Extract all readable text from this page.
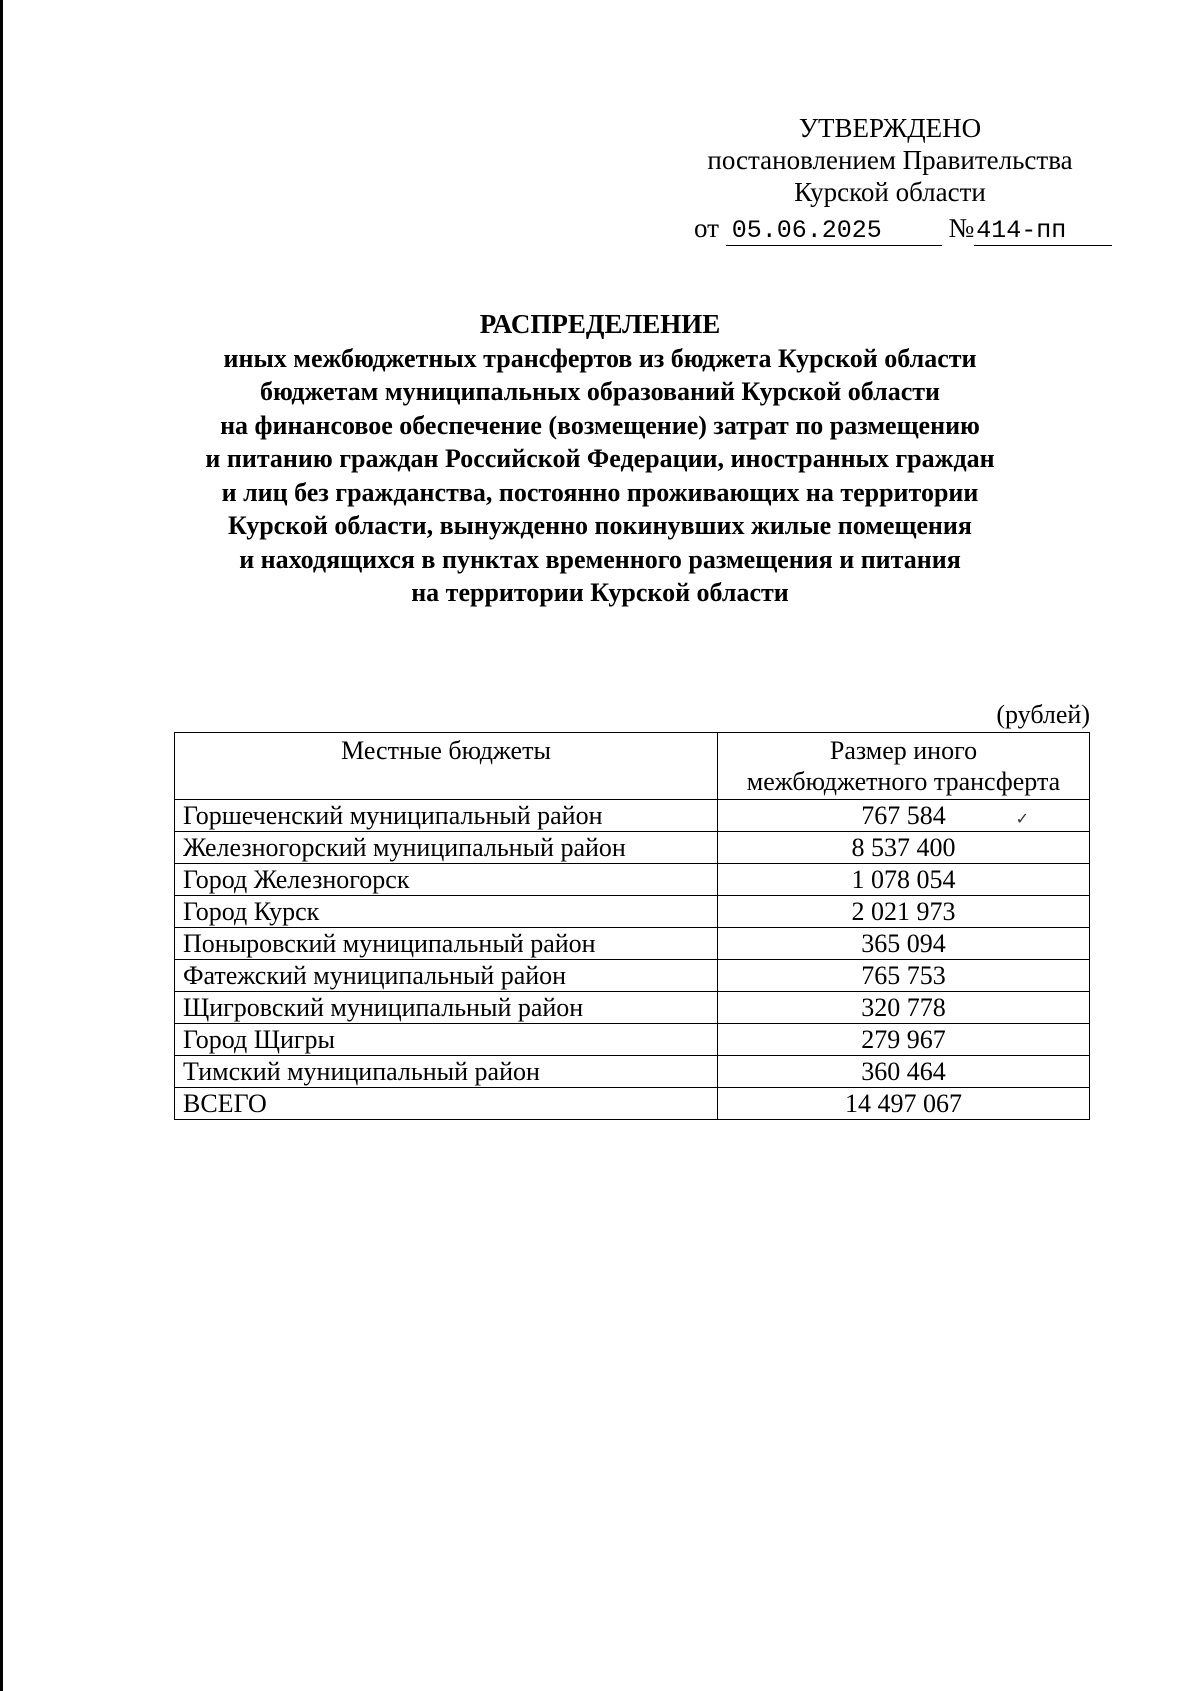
УТВЕРЖДЕНО
постановлением Правительства
Курской области
от 05.06.2025 №414-пп
РАСПРЕДЕЛЕНИЕ
иных межбюджетных трансфертов из бюджета Курской области
бюджетам муниципальных образований Курской области
на финансовое обеспечение (возмещение) затрат по размещению
и питанию граждан Российской Федерации, иностранных граждан
и лиц без гражданства, постоянно проживающих на территории
Курской области, вынужденно покинувших жилые помещения
и находящихся в пунктах временного размещения и питания
на территории Курской области
(рублей)
Местные бюджеты	Размер иного
межбюджетного трансферта
Горшеченский муниципальный район	767 584 ✓

Железногорский муниципальный район	8 537 400
Город Железногорск	1 078 054
Город Курск	2 021 973
Поныровский муниципальный район	365 094
Фатежский муниципальный район	765 753
Щигровский муниципальный район	320 778
Город Щигры	279 967
Тимский муниципальный район	360 464
ВСЕГО	14 497 067
